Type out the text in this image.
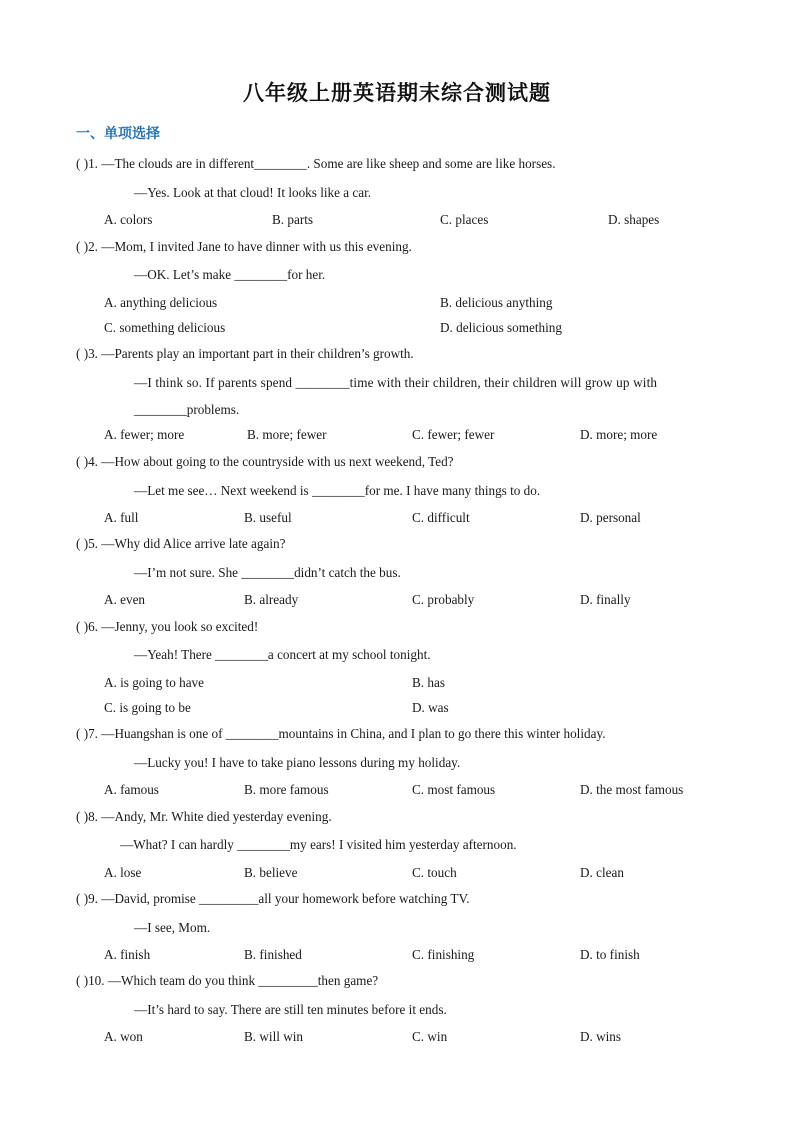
八年级上册英语期末综合测试题
一、单项选择
( )1. —The clouds are in different________. Some are like sheep and some are like horses.
—Yes. Look at that cloud! It looks like a car.
A. colors	B. parts	C. places	D. shapes
( )2. —Mom, I invited Jane to have dinner with us this evening.
—OK. Let’s make ________for her.
A. anything delicious	B. delicious anything
C. something delicious	D. delicious something
( )3. —Parents play an important part in their children’s growth.
—I think so. If parents spend ________time with their children, their children will grow up with
________problems.
A. fewer; more	B. more; fewer	C. fewer; fewer	D. more; more
( )4. —How about going to the countryside with us next weekend, Ted?
—Let me see… Next weekend is ________for me. I have many things to do.
A. full	B. useful	C. difficult	D. personal
( )5. —Why did Alice arrive late again?
—I’m not sure. She ________didn’t catch the bus.
A. even	B. already	C. probably	D. finally
( )6. —Jenny, you look so excited!
—Yeah! There ________a concert at my school tonight.
A. is going to have	B. has
C. is going to be	D. was
( )7. —Huangshan is one of ________mountains in China, and I plan to go there this winter holiday.
—Lucky you! I have to take piano lessons during my holiday.
A. famous	B. more famous	C. most famous	D. the most famous
( )8. —Andy, Mr. White died yesterday evening.
—What? I can hardly ________my ears! I visited him yesterday afternoon.
A. lose	B. believe	C. touch	D. clean
( )9. —David, promise _________all your homework before watching TV.
—I see, Mom.
A. finish	B. finished	C. finishing	D. to finish
( )10. —Which team do you think _________then game?
—It’s hard to say. There are still ten minutes before it ends.
A. won	B. will win	C. win	D. wins
